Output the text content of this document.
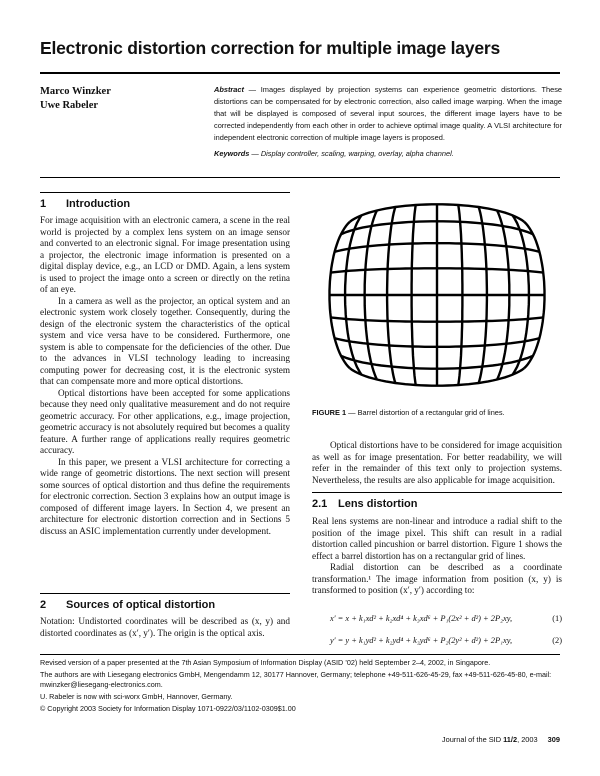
Electronic distortion correction for multiple image layers
Marco Winzker
Uwe Rabeler
Abstract — Images displayed by projection systems can experience geometric distortions. These distortions can be compensated for by electronic correction, also called image warping. When the image that will be displayed is composed of several input sources, the different image layers have to be corrected independently from each other in order to achieve optimal image quality. A VLSI architecture for independent electronic correction of multiple image layers is proposed.
Keywords — Display controller, scaling, warping, overlay, alpha channel.
1 Introduction

For image acquisition with an electronic camera, a scene in the real world is projected by a complex lens system on an image sensor and converted to an electronic signal. For image presentation using a projector, the electronic image information is presented on a digital display device, e.g., an LCD or DMD. Again, a lens system is used to project the image onto a screen or directly on the retina of an eye.

In a camera as well as the projector, an optical system and an electronic system work closely together. Consequently, during the design of the electronic system the characteristics of the optical system and vice versa have to be considered. Furthermore, one system is able to compensate for the deficiencies of the other. Due to the advances in VLSI technology leading to increasing computing power for decreasing cost, it is the electronic system that can compensate more and more optical distortions.

Optical distortions have been accepted for some applications because they need only qualitative measurement and do not require geometric accuracy. For other applications, e.g., image projection, geometric accuracy is not absolutely required but becomes a quality feature. A further range of applications really requires geometric accuracy.

In this paper, we present a VLSI architecture for correcting a wide range of geometric distortions. The next section will present some sources of optical distortion and thus define the requirements for electronic correction. Section 3 explains how an output image is composed of different image layers. In Section 4, we present an architecture for electronic distortion correction and in Sections 5 discuss an ASIC implementation currently under development.

2 Sources of optical distortion

Notation: Undistorted coordinates will be described as (x, y) and distorted coordinates as (x′, y′). The origin is the optical axis.

FIGURE 1 — Barrel distortion of a rectangular grid of lines.

Optical distortions have to be considered for image acquisition as well as for image presentation. For better readability, we will refer in the remainder of this text only to projection systems. Nevertheless, the results are also applicable for image acquisition.

2.1 Lens distortion

Real lens systems are non-linear and introduce a radial shift to the position of the image pixel. This shift can result in a radial distortion called pincushion or barrel distortion. Figure 1 shows the effect a barrel distortion has on a rectangular grid of lines.

Radial distortion can be described as a coordinate transformation.¹ The image information from position (x, y) is transformed to position (x′, y′) according to:

x′ = x + k₁xd² + k₂xd⁴ + k₃xd⁶ + P₁(2x² + d²) + 2P₂xy,	(1)
y′ = y + k₁yd² + k₂yd⁴ + k₃yd⁶ + P₂(2y² + d²) + 2P₁xy,	(2)
Revised version of a paper presented at the 7th Asian Symposium of Information Display (ASID ’02) held September 2–4, 2002, in Singapore.
The authors are with Liesegang electronics GmbH, Mengendamm 12, 30177 Hannover, Germany; telephone +49-511-626-45-29, fax +49-511-626-45-80, e-mail: mwinzker@liesegang-electronics.com.
U. Rabeler is now with sci-worx GmbH, Hannover, Germany.
© Copyright 2003 Society for Information Display 1071-0922/03/1102-0309$1.00
Journal of the SID 11/2, 2003 309
